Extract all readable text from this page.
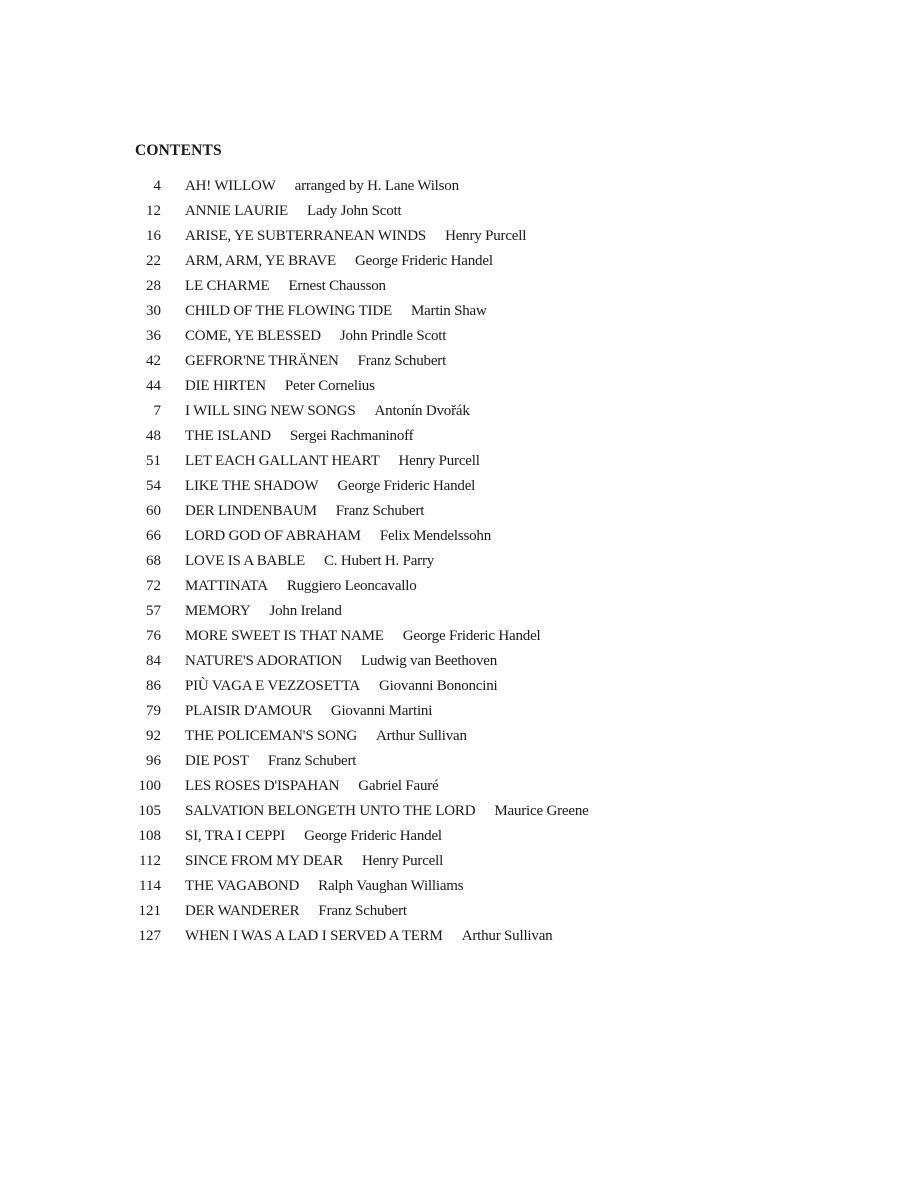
CONTENTS
4 AH! WILLOW arranged by H. Lane Wilson
12 ANNIE LAURIE Lady John Scott
16 ARISE, YE SUBTERRANEAN WINDS Henry Purcell
22 ARM, ARM, YE BRAVE George Frideric Handel
28 LE CHARME Ernest Chausson
30 CHILD OF THE FLOWING TIDE Martin Shaw
36 COME, YE BLESSED John Prindle Scott
42 GEFROR'NE THRÄNEN Franz Schubert
44 DIE HIRTEN Peter Cornelius
7 I WILL SING NEW SONGS Antonín Dvořák
48 THE ISLAND Sergei Rachmaninoff
51 LET EACH GALLANT HEART Henry Purcell
54 LIKE THE SHADOW George Frideric Handel
60 DER LINDENBAUM Franz Schubert
66 LORD GOD OF ABRAHAM Felix Mendelssohn
68 LOVE IS A BABLE C. Hubert H. Parry
72 MATTINATA Ruggiero Leoncavallo
57 MEMORY John Ireland
76 MORE SWEET IS THAT NAME George Frideric Handel
84 NATURE'S ADORATION Ludwig van Beethoven
86 PIÙ VAGA E VEZZOSETTA Giovanni Bononcini
79 PLAISIR D'AMOUR Giovanni Martini
92 THE POLICEMAN'S SONG Arthur Sullivan
96 DIE POST Franz Schubert
100 LES ROSES D'ISPAHAN Gabriel Fauré
105 SALVATION BELONGETH UNTO THE LORD Maurice Greene
108 SI, TRA I CEPPI George Frideric Handel
112 SINCE FROM MY DEAR Henry Purcell
114 THE VAGABOND Ralph Vaughan Williams
121 DER WANDERER Franz Schubert
127 WHEN I WAS A LAD I SERVED A TERM Arthur Sullivan
